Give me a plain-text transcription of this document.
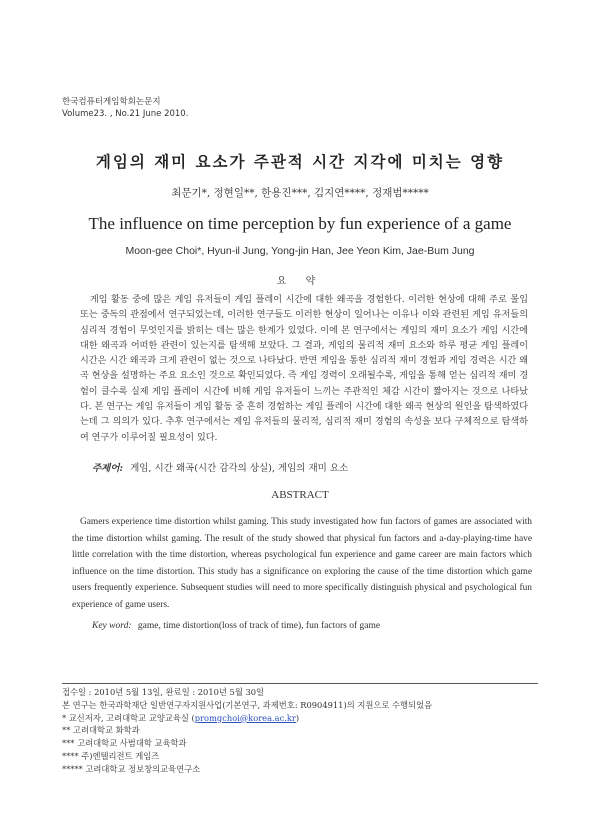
한국컴퓨터게임학회논문지
Volume23. , No.21 June 2010.
게임의 재미 요소가 주관적 시간 지각에 미치는 영향
최문기*, 정현일**, 한용진***, 김지연****, 정재범*****
The influence on time perception by fun experience of a game
Moon-gee Choi*, Hyun-il Jung, Yong-jin Han, Jee Yeon Kim, Jae-Bum Jung
요 약
게임 활동 중에 많은 게임 유저들이 게임 플레이 시간에 대한 왜곡을 경험한다. 이러한 현상에 대해 주로 몰입 또는 중독의 관점에서 연구되었는데, 이러한 연구들도 이러한 현상이 일어나는 이유나 이와 관련된 게임 유저들의 심리적 경험이 무엇인지를 밝히는 데는 많은 한계가 있었다. 이에 본 연구에서는 게임의 재미 요소가 게임 시간에 대한 왜곡과 어떠한 관련이 있는지를 탐색해 보았다. 그 결과, 게임의 물리적 재미 요소와 하루 평균 게임 플레이 시간은 시간 왜곡과 크게 관련이 없는 것으로 나타났다. 반면 게임을 통한 심리적 재미 경험과 게임 경력은 시간 왜곡 현상을 설명하는 주요 요소인 것으로 확인되었다. 즉 게임 경력이 오래될수록, 게임을 통해 얻는 심리적 재미 경험이 클수록 실제 게임 플레이 시간에 비해 게임 유저들이 느끼는 주관적인 체감 시간이 짧아지는 것으로 나타났다. 본 연구는 게임 유저들이 게임 활동 중 흔히 경험하는 게임 플레이 시간에 대한 왜곡 현상의 원인을 탐색하였다는데 그 의의가 있다. 추후 연구에서는 게임 유저들의 물리적, 심리적 재미 경험의 속성을 보다 구체적으로 탐색하여 연구가 이루어질 필요성이 있다.
주제어: 게임, 시간 왜곡(시간 감각의 상실), 게임의 재미 요소
ABSTRACT
Gamers experience time distortion whilst gaming. This study investigated how fun factors of games are associated with the time distortion whilst gaming. The result of the study showed that physical fun factors and a-day-playing-time have little correlation with the time distortion, whereas psychological fun experience and game career are main factors which influence on the time distortion. This study has a significance on exploring the cause of the time distortion which game users frequently experience. Subsequent studies will need to more specifically distinguish physical and psychological fun experience of game users.
Key word: game, time distortion(loss of track of time), fun factors of game
접수일 : 2010년 5월 13일, 완료일 : 2010년 5월 30일
본 연구는 한국과학재단 일반연구자지원사업(기본연구, 과제번호: R0904911)의 지원으로 수행되었음
* 교신저자, 고려대학교 교양교육실 (promgchoi@korea.ac.kr)
** 고려대학교 화학과
*** 고려대학교 사범대학 교육학과
**** 주)엔텔리전트 게임즈
***** 고려대학교 정보창의교육연구소
